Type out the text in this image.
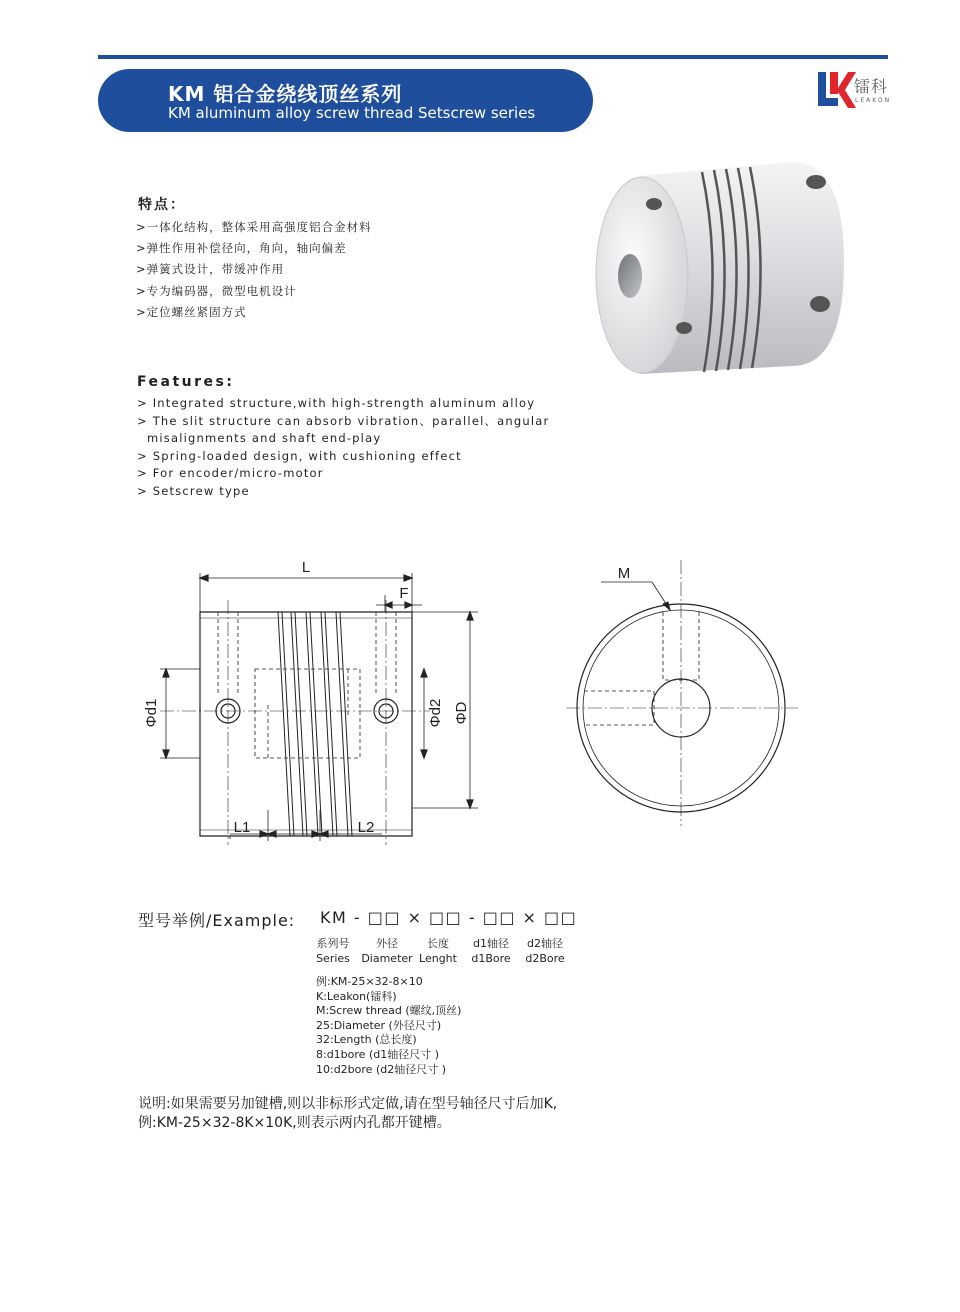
KM 铝合金绕线顶丝系列
KM aluminum alloy screw thread Setscrew series
镭科
LEAKON
特点：
>一体化结构，整体采用高强度铝合金材料
>弹性作用补偿径向，角向，轴向偏差
>弹簧式设计，带缓冲作用
>专为编码器，微型电机设计
>定位螺丝紧固方式
Features:
> Integrated structure,with high-strength aluminum alloy
> The slit structure can absorb vibration、parallel、angular
misalignments and shaft end-play
> Spring-loaded design, with cushioning effect
> For encoder/micro-motor
> Setscrew type
L
F
Φd1	Φd2 ΦD
L1	L2
M
型号举例/Example: KM - □□ × □□ - □□ × □□
系列号
Series
外径
Diameter
长度
Lenght
d1轴径
d1Bore
d2轴径
d2Bore
例:KM-25×32-8×10
K:Leakon(镭科)
M:Screw thread (螺纹,顶丝)
25:Diameter (外径尺寸)
32:Length (总长度)
8:d1bore (d1轴径尺寸 )
10:d2bore (d2轴径尺寸 )
说明:如果需要另加键槽,则以非标形式定做,请在型号轴径尺寸后加K,
例:KM-25×32-8K×10K,则表示两内孔都开键槽。
